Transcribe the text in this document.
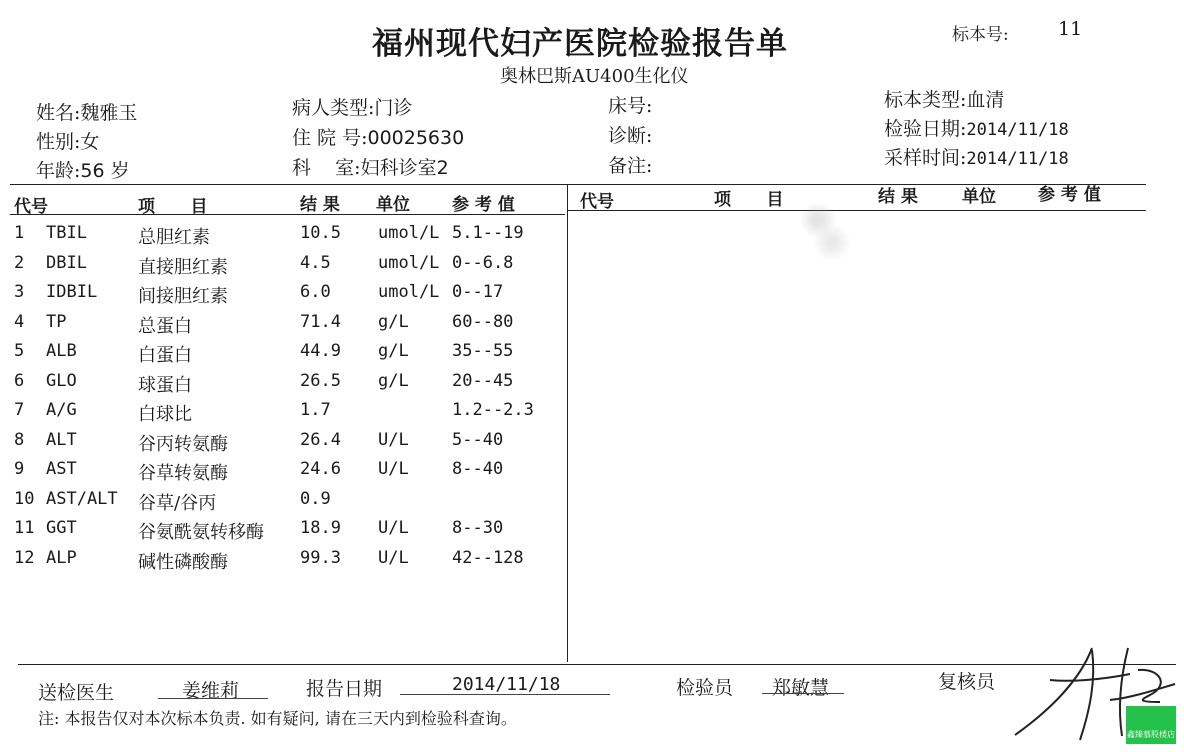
福州现代妇产医院检验报告单
奥林巴斯AU400生化仪
标本号:	11
姓名:魏雅玉
性别:女
年龄:56 岁
病人类型:门诊
住 院 号:00025630
科    室:妇科诊室2
床号:
诊断:
备注:
标本类型:血清
检验日期:2014/11/18
采样时间:2014/11/18
代号	项      目	结 果 单位 参 考 值	代号	项      目	结 果	单位 参 考 值
1 TBIL	总胆红素	10.5 umol/L 5.1--19
2 DBIL	直接胆红素	4.5	umol/L 0--6.8
3 IDBIL 间接胆红素	6.0	umol/L 0--17
4 TP	总蛋白	71.4 g/L	60--80
5 ALB	白蛋白	44.9 g/L	35--55
6 GLO	球蛋白	26.5 g/L	20--45
7 A/G	白球比	1.7	1.2--2.3
8 ALT	谷丙转氨酶	26.4 U/L	5--40
9 AST	谷草转氨酶	24.6 U/L	8--40
10 AST/ALT 谷草/谷丙	0.9
11 GGT	谷氨酰氨转移酶 18.9 U/L	8--30
12 ALP	碱性磷酸酶	99.3 U/L	42--128
送检医生	姜维莉	报告日期	2014/11/18	检验员 郑敏慧	复核员
注: 本报告仅对本次标本负责. 如有疑问, 请在三天内到检验科查询。
鑫臻慕股楼店
